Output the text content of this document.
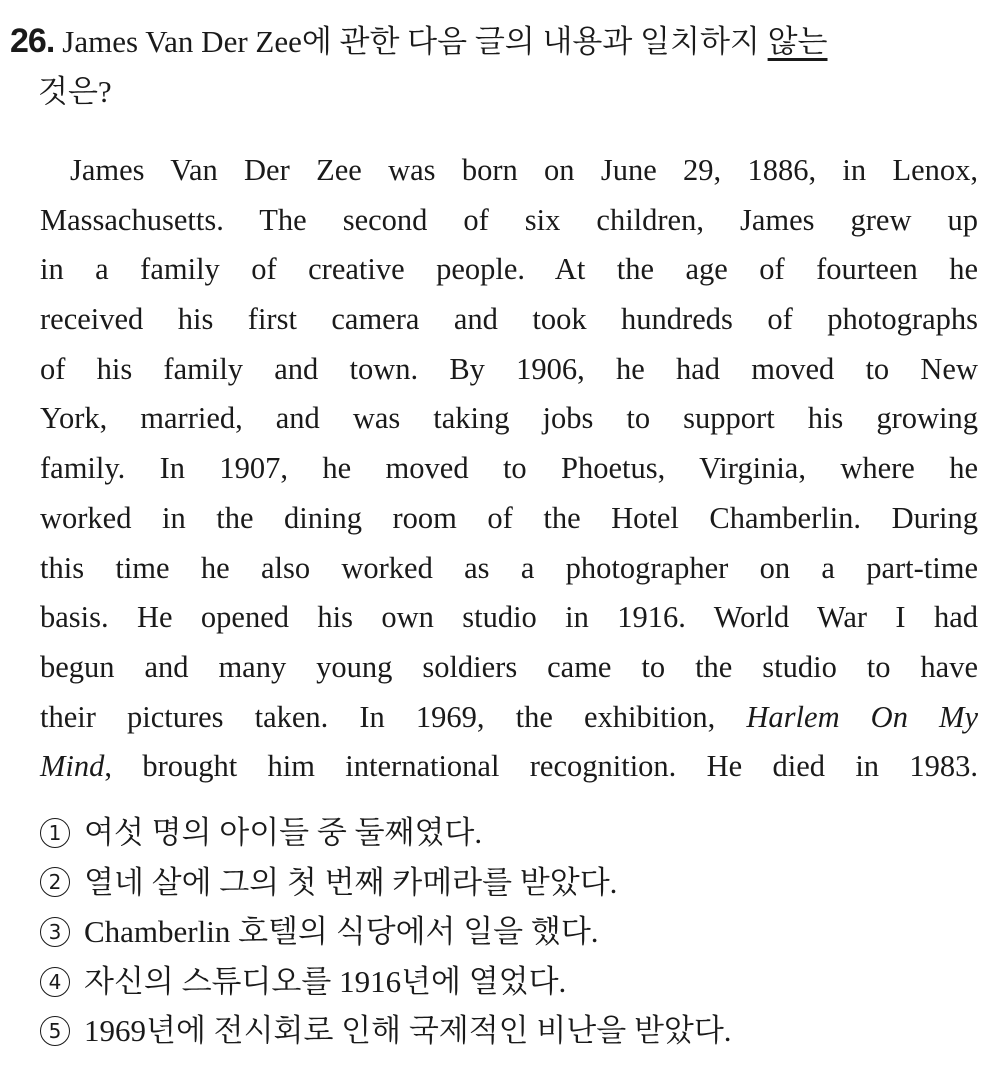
26. James Van Der Zee에 관한 다음 글의 내용과 일치하지 않는
것은?
James Van Der Zee was born on June 29, 1886, in Lenox,
Massachusetts. The second of six children, James grew up
in a family of creative people. At the age of fourteen he
received his first camera and took hundreds of photographs
of his family and town. By 1906, he had moved to New
York, married, and was taking jobs to support his growing
family. In 1907, he moved to Phoetus, Virginia, where he
worked in the dining room of the Hotel Chamberlin. During
this time he also worked as a photographer on a part-time
basis. He opened his own studio in 1916. World War I had
begun and many young soldiers came to the studio to have
their pictures taken. In 1969, the exhibition, Harlem On My
Mind, brought him international recognition. He died in 1983.
1 여섯 명의 아이들 중 둘째였다.
2 열네 살에 그의 첫 번째 카메라를 받았다.
3 Chamberlin 호텔의 식당에서 일을 했다.
4 자신의 스튜디오를 1916년에 열었다.
5 1969년에 전시회로 인해 국제적인 비난을 받았다.
